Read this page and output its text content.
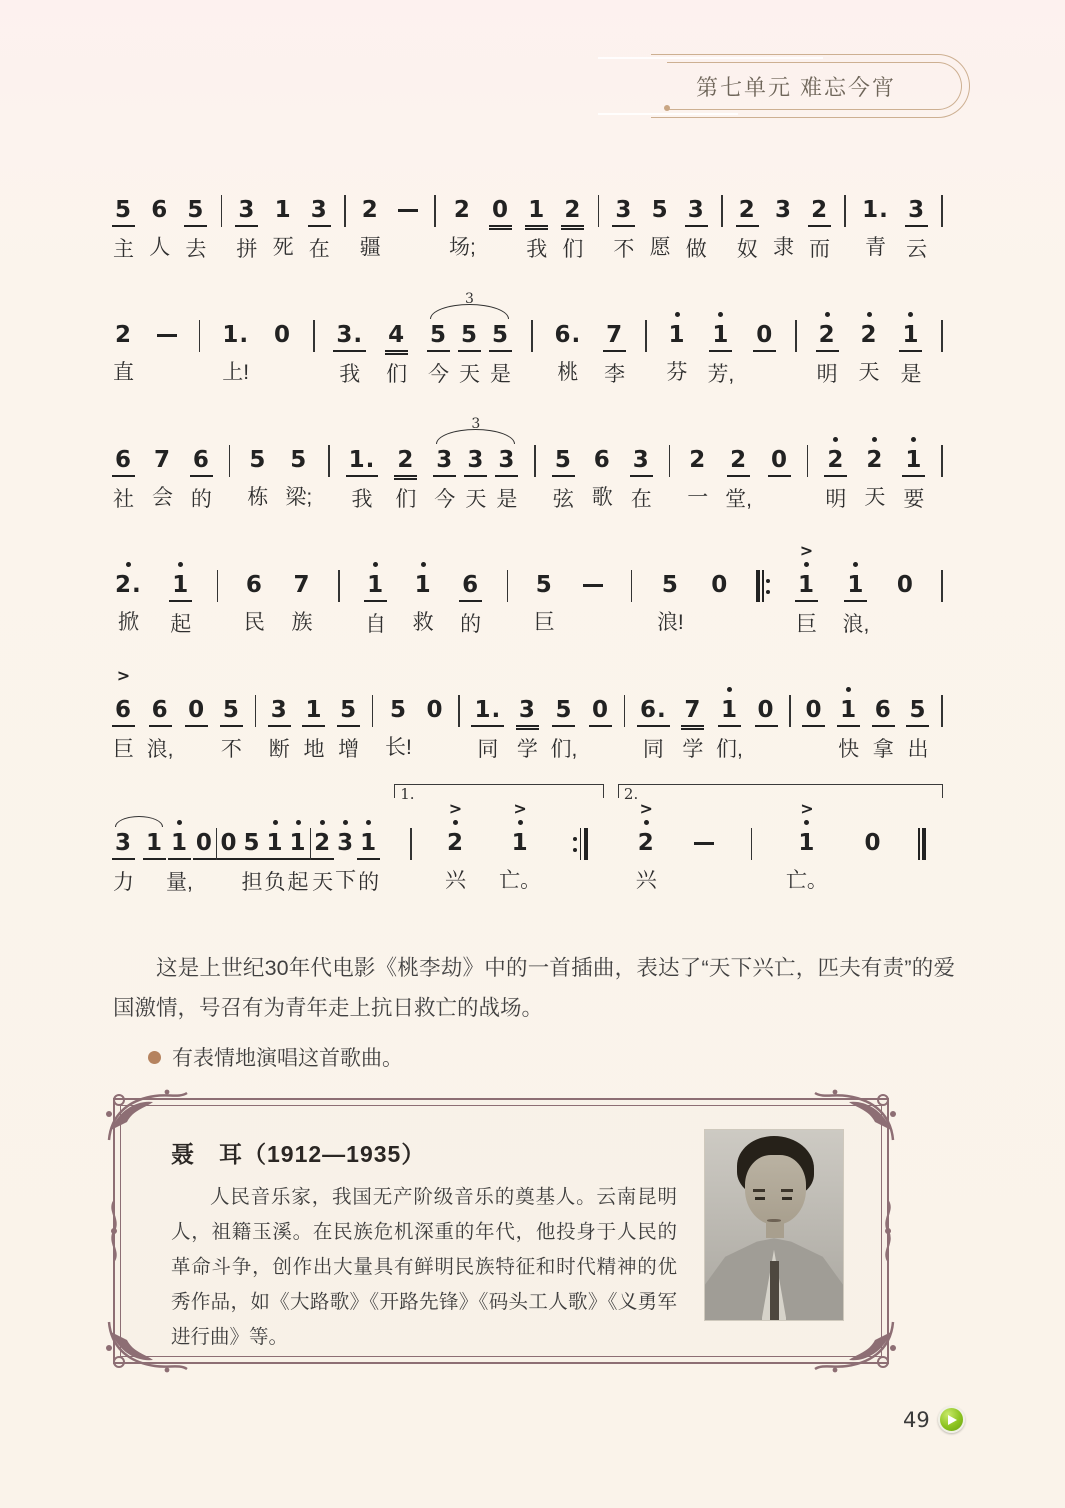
第七单元 难忘今宵
5
主
6
人
5
去
3
拼
1
死
3
在
2
疆
2
场;
0 1
我
2
们
3
不
5
愿
3
做
2
奴
3
隶
2
而
1.
青
3
云
2
直
1.
上!
0 3.
我
4
们
3
5
今
5
天
5
是
6.
桃
7
李
1
芬
1
芳,
0 2
明
2
天
1
是
6
社
7
会
6
的
5
栋
5
梁;
1.
我
2
们
3
3
今
3
天
3
是
5
弦
6
歌
3
在
2
一
2
堂,
0 2
明
2
天
1
要
2.
掀
1
起
6
民
7
族
1
自
1
救
6
的
5
巨
5
浪!
0
>
1
巨
1
浪,
0
>
6
巨
6
浪,
0 5
不
3
断
1
地
5
增
5
长!
0 1.
同
3
学
5
们,
0 6.
同
7
学
1
们,
0 0 1
快
6
拿
5
出
3
力
1 1
量,
0 0 5
担
1
负
1
起
2
天
3
下
1
的
1.
>
2
兴
>
1
亡。
2.
>
2
兴
>
1
亡。
0

这是上世纪30年代电影《桃李劫》中的一首插曲，表达了“天下兴亡，匹夫有责”的爱国激情，号召有为青年走上抗日救亡的战场。

有表情地演唱这首歌曲。
聂　耳（1912—1935）

人民音乐家，我国无产阶级音乐的奠基人。云南昆明人，祖籍玉溪。在民族危机深重的年代，他投身于人民的革命斗争，创作出大量具有鲜明民族特征和时代精神的优秀作品，如《大路歌》《开路先锋》《码头工人歌》《义勇军进行曲》等。

49
